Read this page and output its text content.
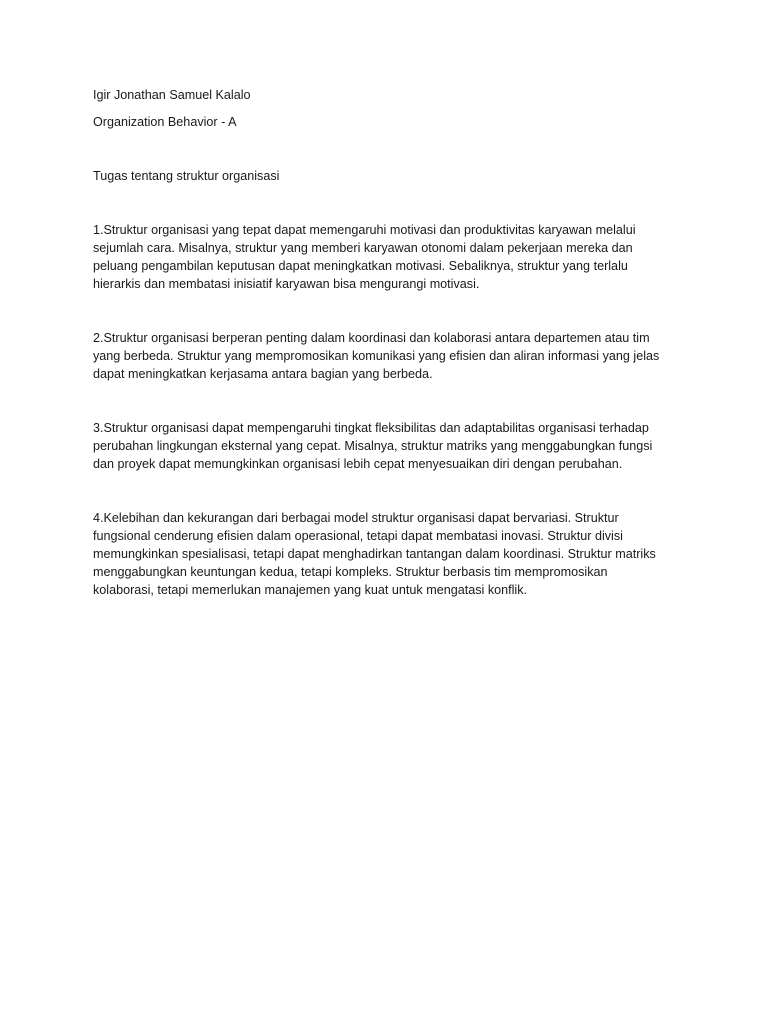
Igir Jonathan Samuel Kalalo

Organization Behavior - A

Tugas tentang struktur organisasi

1.Struktur organisasi yang tepat dapat memengaruhi motivasi dan produktivitas karyawan melalui
sejumlah cara. Misalnya, struktur yang memberi karyawan otonomi dalam pekerjaan mereka dan
peluang pengambilan keputusan dapat meningkatkan motivasi. Sebaliknya, struktur yang terlalu
hierarkis dan membatasi inisiatif karyawan bisa mengurangi motivasi.

2.Struktur organisasi berperan penting dalam koordinasi dan kolaborasi antara departemen atau tim
yang berbeda. Struktur yang mempromosikan komunikasi yang efisien dan aliran informasi yang jelas
dapat meningkatkan kerjasama antara bagian yang berbeda.

3.Struktur organisasi dapat mempengaruhi tingkat fleksibilitas dan adaptabilitas organisasi terhadap
perubahan lingkungan eksternal yang cepat. Misalnya, struktur matriks yang menggabungkan fungsi
dan proyek dapat memungkinkan organisasi lebih cepat menyesuaikan diri dengan perubahan.

4.Kelebihan dan kekurangan dari berbagai model struktur organisasi dapat bervariasi. Struktur
fungsional cenderung efisien dalam operasional, tetapi dapat membatasi inovasi. Struktur divisi
memungkinkan spesialisasi, tetapi dapat menghadirkan tantangan dalam koordinasi. Struktur matriks
menggabungkan keuntungan kedua, tetapi kompleks. Struktur berbasis tim mempromosikan
kolaborasi, tetapi memerlukan manajemen yang kuat untuk mengatasi konflik.
